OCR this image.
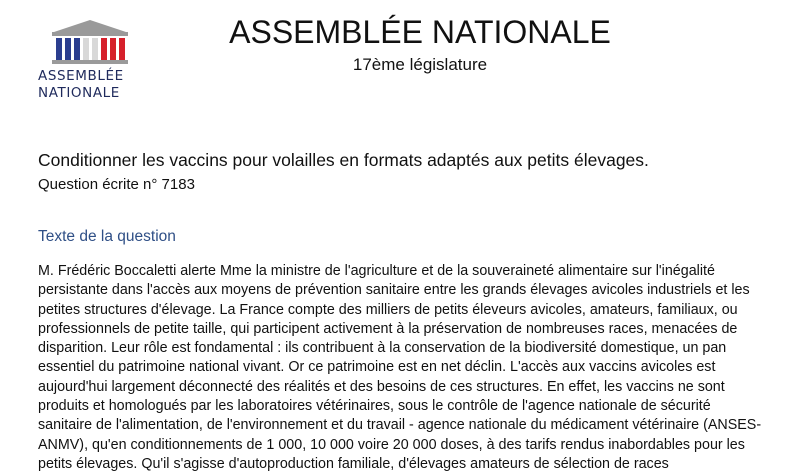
ASSEMBLÉE
NATIONALE
ASSEMBLÉE NATIONALE
17ème législature
Conditionner les vaccins pour volailles en formats adaptés aux petits élevages.
Question écrite n° 7183
Texte de la question

M. Frédéric Boccaletti alerte Mme la ministre de l'agriculture et de la souveraineté alimentaire sur l'inégalité persistante dans l'accès aux moyens de prévention sanitaire entre les grands élevages avicoles industriels et les petites structures d'élevage. La France compte des milliers de petits éleveurs avicoles, amateurs, familiaux, ou professionnels de petite taille, qui participent activement à la préservation de nombreuses races, menacées de disparition. Leur rôle est fondamental : ils contribuent à la conservation de la biodiversité domestique, un pan essentiel du patrimoine national vivant. Or ce patrimoine est en net déclin. L'accès aux vaccins avicoles est aujourd'hui largement déconnecté des réalités et des besoins de ces structures. En effet, les vaccins ne sont produits et homologués par les laboratoires vétérinaires, sous le contrôle de l'agence nationale de sécurité sanitaire de l'alimentation, de l'environnement et du travail - agence nationale du médicament vétérinaire (ANSES-ANMV), qu'en conditionnements de 1 000, 10 000 voire 20 000 doses, à des tarifs rendus inabordables pour les petits élevages. Qu'il s'agisse d'autoproduction familiale, d'élevages amateurs de sélection de races
